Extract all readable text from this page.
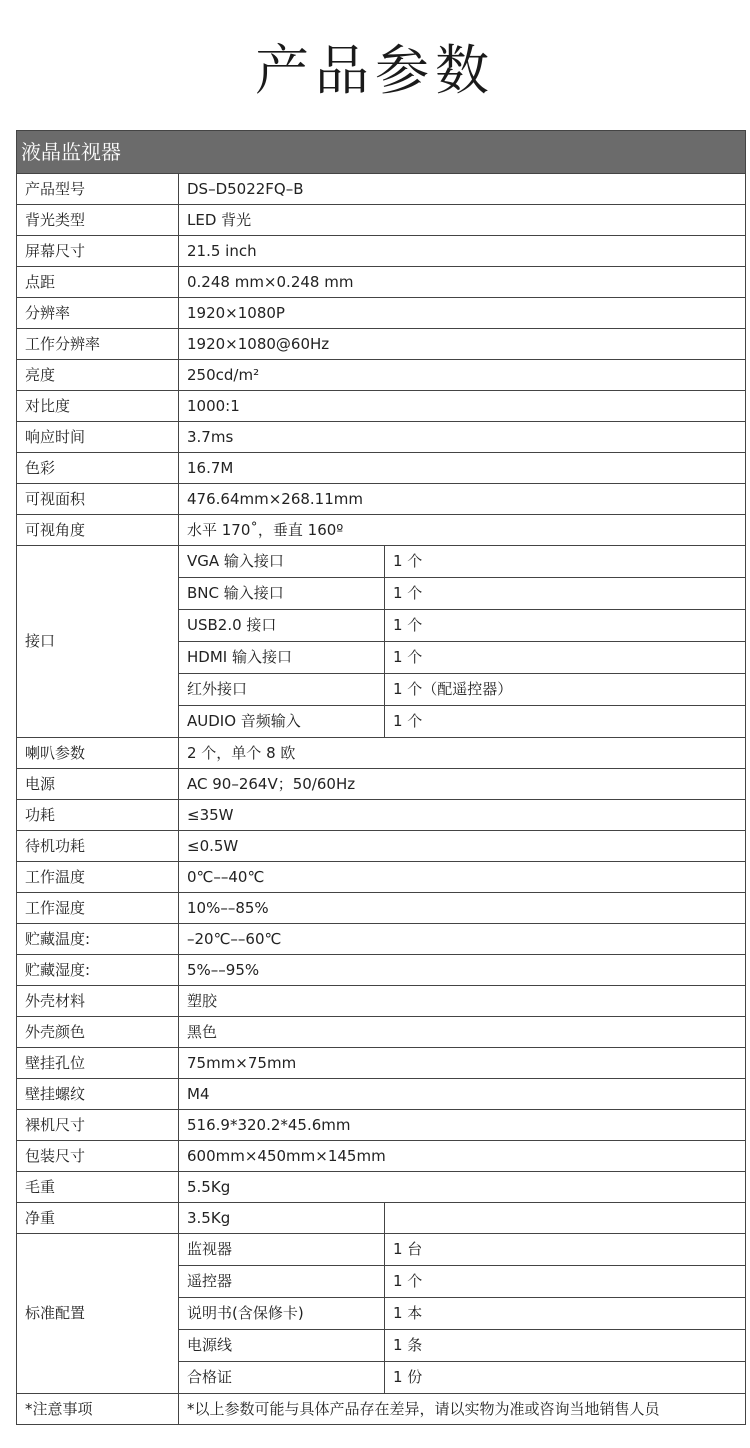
产品参数
液晶监视器		
产品型号	DS–D5022FQ–B	
背光类型	LED 背光	
屏幕尺寸	21.5 inch	
点距	0.248 mm×0.248 mm	
分辨率	1920×1080P	
工作分辨率	1920×1080@60Hz	
亮度	250cd/m²	
对比度	1000:1	
响应时间	3.7ms	
色彩	16.7M	
可视面积	476.64mm×268.11mm	
可视角度	水平 170˚，垂直 160º	
接口	VGA 输入接口	1 个
	BNC 输入接口	1 个
	USB2.0 接口	1 个
	HDMI 输入接口	1 个
	红外接口	1 个（配遥控器）
	AUDIO 音频输入	1 个
喇叭参数	2 个，单个 8 欧	
电源	AC 90–264V；50/60Hz	
功耗	≤35W	
待机功耗	≤0.5W	
工作温度	0℃––40℃	
工作湿度	10%––85%	
贮藏温度:	–20℃––60℃	
贮藏湿度:	5%––95%	
外壳材料	塑胶	
外壳颜色	黑色	
壁挂孔位	75mm×75mm	
壁挂螺纹	M4	
裸机尺寸	516.9*320.2*45.6mm	
包装尺寸	600mm×450mm×145mm	
毛重	5.5Kg	
净重	3.5Kg	
标准配置	监视器	1 台
	遥控器	1 个
	说明书(含保修卡)	1 本
	电源线	1 条
	合格证	1 份
*注意事项	*以上参数可能与具体产品存在差异，请以实物为准或咨询当地销售人员	
